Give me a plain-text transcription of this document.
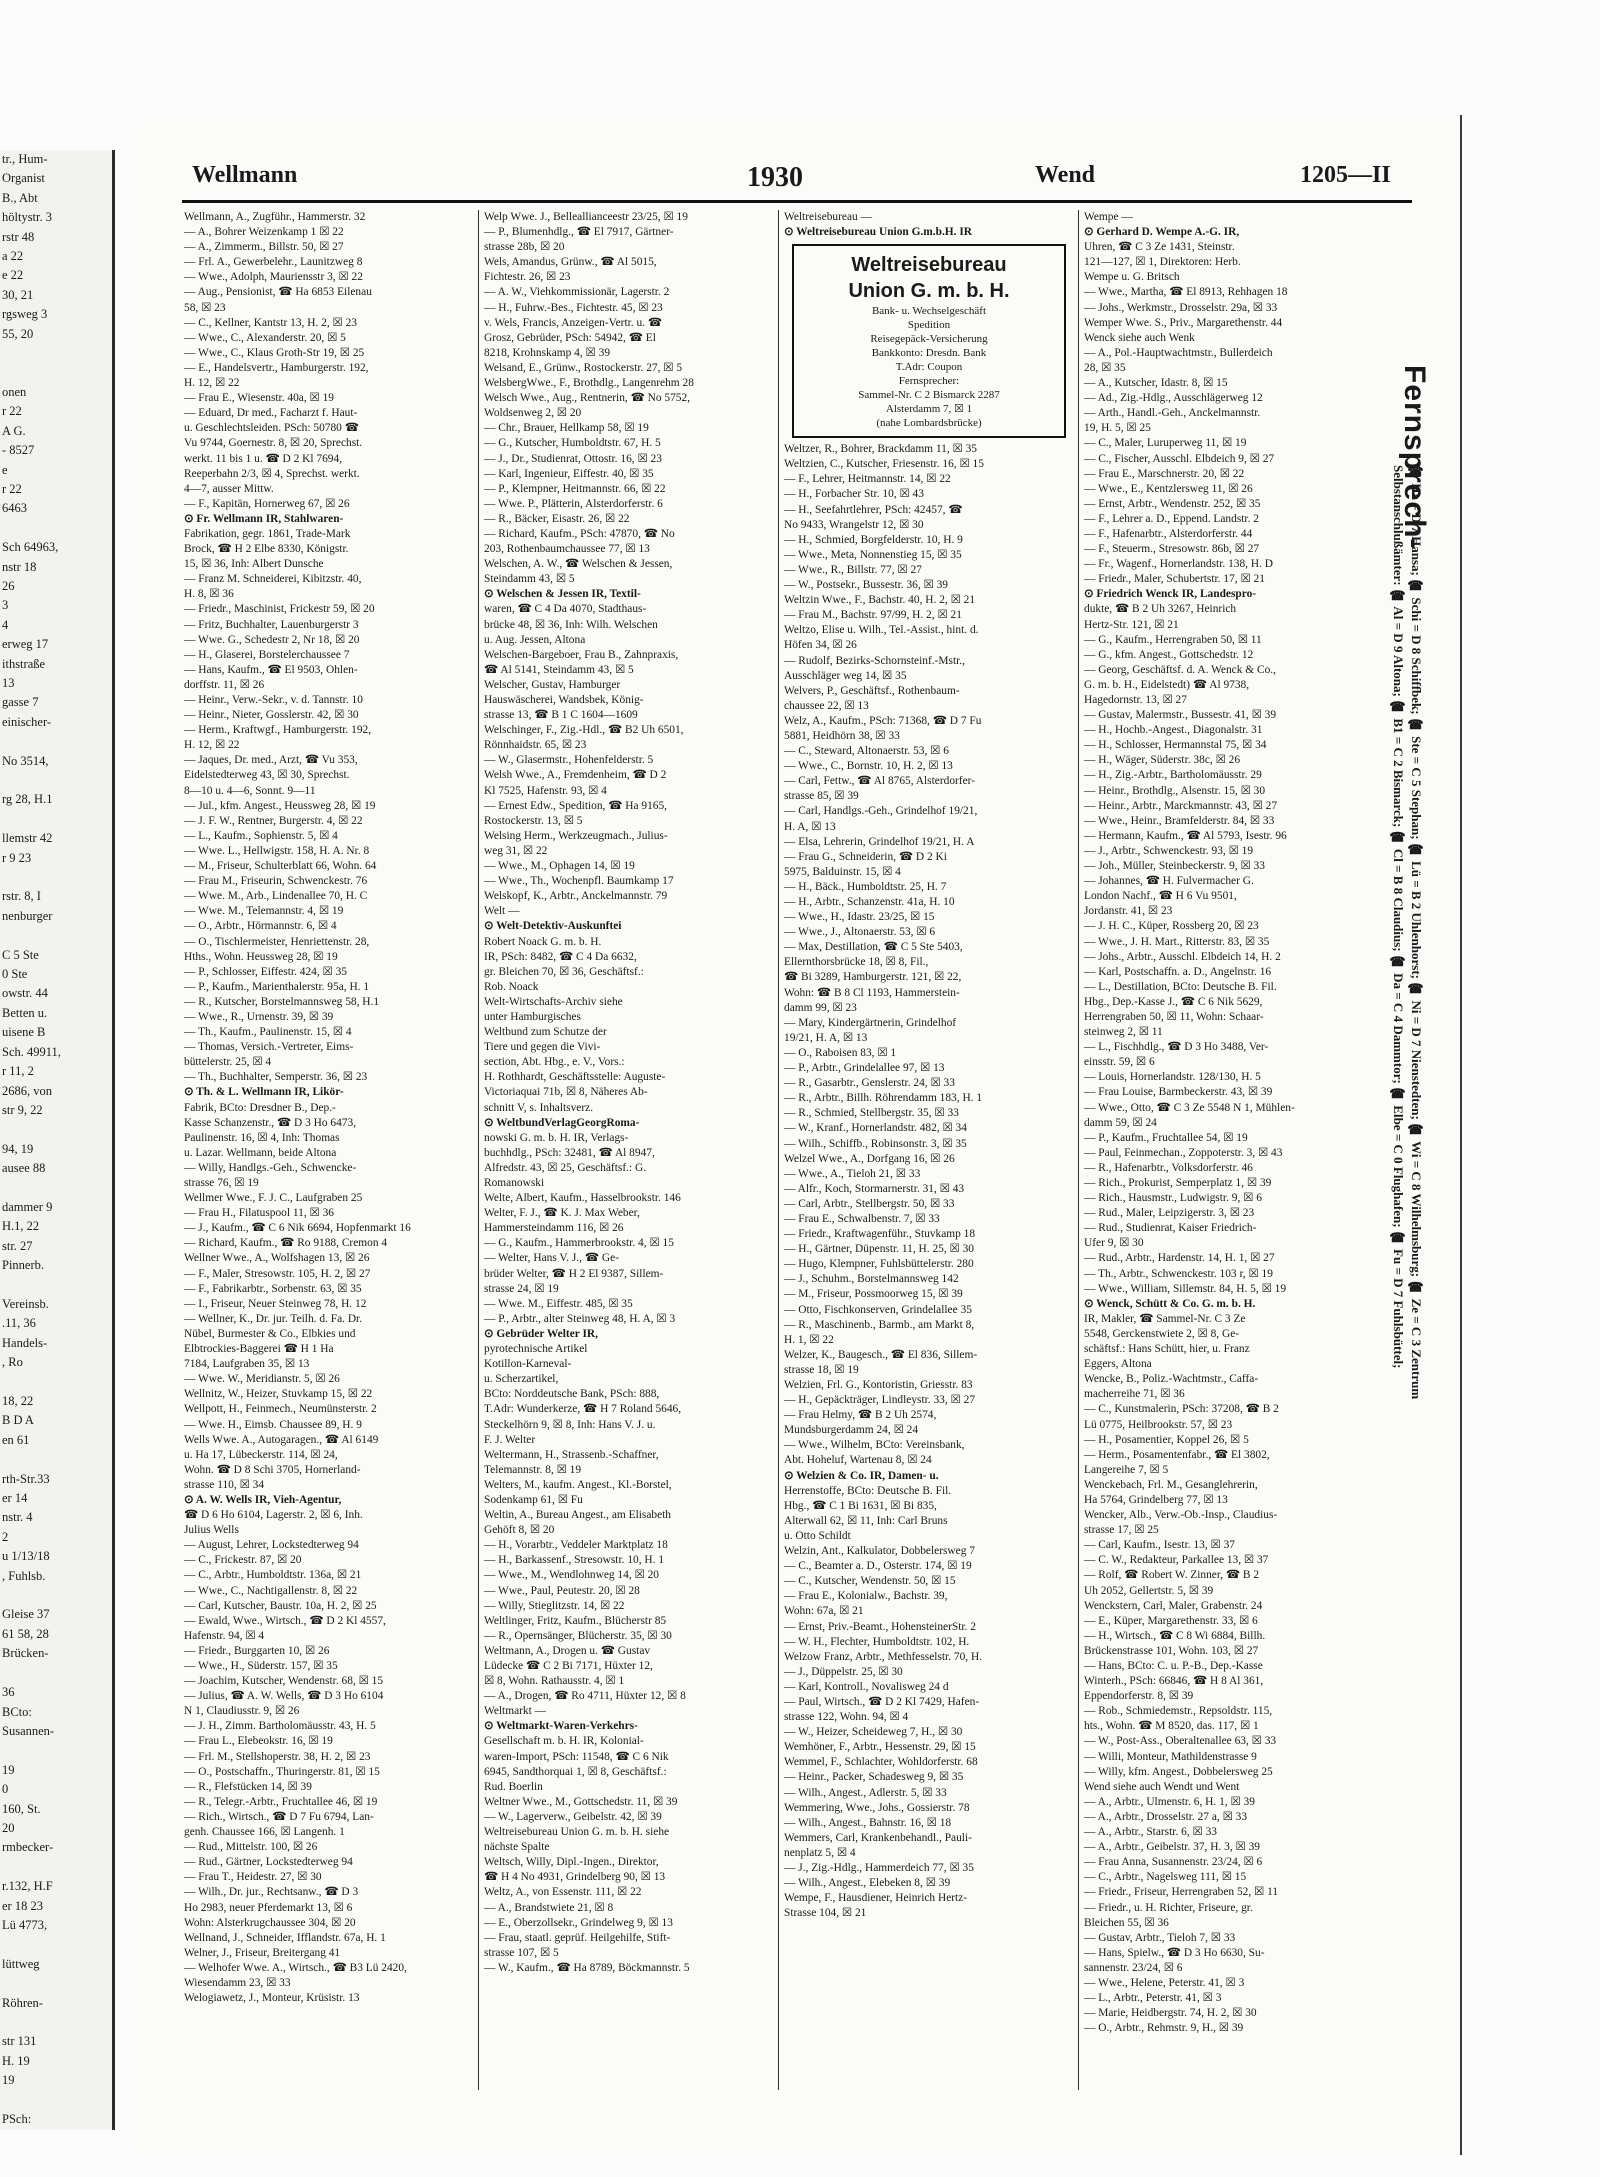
tr., Hum-
Organist
B., Abt
höltystr. 3
rstr 48
a 22
e 22
30, 21
rgsweg 3
55, 20

onen
r 22
A G.
- 8527
e
r 22
6463

Sch 64963,
nstr 18
26
3
4
erweg 17
ithstraße
13
gasse 7
einischer-

No 3514,

rg 28, H.1

llemstr 42
r 9 23

rstr. 8, I
nenburger

C 5 Ste
0 Ste
owstr. 44
Betten u.
uisene B
Sch. 49911,
r 11, 2
2686, von
str 9, 22

94, 19
ausee 88

dammer 9
H.1, 22
str. 27
Pinnerb.

Vereinsb.
.11, 36
Handels-
, Ro

18, 22
B D A
en 61

rth-Str.33
er 14
nstr. 4
2
u 1/13/18
, Fuhlsb.

Gleise 37
61 58, 28
Brücken-

36
BCto:
Susannen-

19
0
160, St.
20
rmbecker-

r.132, H.F
er 18 23
Lü 4773,

lüttweg

Röhren-

str 131
H. 19
19

PSch:
Wellmann	1930	Wend	1205—II

Wellmann, A., Zugführ., Hammerstr. 32

— A., Bohrer Weizenkamp 1 ☒ 22

— A., Zimmerm., Billstr. 50, ☒ 27

— Frl. A., Gewerbelehr., Launitzweg 8

— Wwe., Adolph, Mauriensstr 3, ☒ 22

— Aug., Pensionist, ☎ Ha 6853 Eilenau

58, ☒ 23

— C., Kellner, Kantstr 13, H. 2, ☒ 23

— Wwe., C., Alexanderstr. 20, ☒ 5

— Wwe., C., Klaus Groth-Str 19, ☒ 25

— E., Handelsvertr., Hamburgerstr. 192,

H. 12, ☒ 22

— Frau E., Wiesenstr. 40a, ☒ 19

— Eduard, Dr med., Facharzt f. Haut-

u. Geschlechtsleiden. PSch: 50780 ☎

Vu 9744, Goernestr. 8, ☒ 20, Sprechst.

werkt. 11 bis 1 u. ☎ D 2 Kl 7694,

Reeperbahn 2/3, ☒ 4, Sprechst. werkt.

4—7, ausser Mittw.

— F., Kapitän, Hornerweg 67, ☒ 26

⊙ Fr. Wellmann IR, Stahlwaren-

Fabrikation, gegr. 1861, Trade-Mark

Brock, ☎ H 2 Elbe 8330, Königstr.

15, ☒ 36, Inh: Albert Dunsche

— Franz M. Schneiderei, Kibitzstr. 40,

H. 8, ☒ 36

— Friedr., Maschinist, Frickestr 59, ☒ 20

— Fritz, Buchhalter, Lauenburgerstr 3

— Wwe. G., Schedestr 2, Nr 18, ☒ 20

— H., Glaserei, Borstelerchaussee 7

— Hans, Kaufm., ☎ El 9503, Ohlen-

dorffstr. 11, ☒ 26

— Heinr., Verw.-Sekr., v. d. Tannstr. 10

— Heinr., Nieter, Gosslerstr. 42, ☒ 30

— Herm., Kraftwgf., Hamburgerstr. 192,

H. 12, ☒ 22

— Jaques, Dr. med., Arzt, ☎ Vu 353,

Eidelstedterweg 43, ☒ 30, Sprechst.

8—10 u. 4—6, Sonnt. 9—11

— Jul., kfm. Angest., Heussweg 28, ☒ 19

— J. F. W., Rentner, Burgerstr. 4, ☒ 22

— L., Kaufm., Sophienstr. 5, ☒ 4

— Wwe. L., Hellwigstr. 158, H. A. Nr. 8

— M., Friseur, Schulterblatt 66, Wohn. 64

— Frau M., Friseurin, Schwenckestr. 76

— Wwe. M., Arb., Lindenallee 70, H. C

— Wwe. M., Telemannstr. 4, ☒ 19

— O., Arbtr., Hörmannstr. 6, ☒ 4

— O., Tischlermeister, Henriettenstr. 28,

Hths., Wohn. Heussweg 28, ☒ 19

— P., Schlosser, Eiffestr. 424, ☒ 35

— P., Kaufm., Marienthalerstr. 95a, H. 1

— R., Kutscher, Borstelmannsweg 58, H.1

— Wwe., R., Urnenstr. 39, ☒ 39

— Th., Kaufm., Paulinenstr. 15, ☒ 4

— Thomas, Versich.-Vertreter, Eims-

büttelerstr. 25, ☒ 4

— Th., Buchhalter, Semperstr. 36, ☒ 23

⊙ Th. & L. Wellmann IR, Likör-

Fabrik, BCto: Dresdner B., Dep.-

Kasse Schanzenstr., ☎ D 3 Ho 6473,

Paulinenstr. 16, ☒ 4, Inh: Thomas

u. Lazar. Wellmann, beide Altona

— Willy, Handlgs.-Geh., Schwencke-

strasse 76, ☒ 19

Wellmer Wwe., F. J. C., Laufgraben 25

— Frau H., Filatuspool 11, ☒ 36

— J., Kaufm., ☎ C 6 Nik 6694, Hopfenmarkt 16

— Richard, Kaufm., ☎ Ro 9188, Cremon 4

Wellner Wwe., A., Wolfshagen 13, ☒ 26

— F., Maler, Stresowstr. 105, H. 2, ☒ 27

— F., Fabrikarbtr., Sorbenstr. 63, ☒ 35

— I., Friseur, Neuer Steinweg 78, H. 12

— Wellner, K., Dr. jur. Teilh. d. Fa. Dr.

Nübel, Burmester & Co., Elbkies und

Elbtrockies-Baggerei ☎ H 1 Ha

7184, Laufgraben 35, ☒ 13

— Wwe. W., Meridianstr. 5, ☒ 26

Wellnitz, W., Heizer, Stuvkamp 15, ☒ 22

Wellpott, H., Feinmech., Neumünsterstr. 2

— Wwe. H., Eimsb. Chaussee 89, H. 9

Wells Wwe. A., Autogaragen., ☎ Al 6149

u. Ha 17, Lübeckerstr. 114, ☒ 24,

Wohn. ☎ D 8 Schi 3705, Hornerland-

strasse 110, ☒ 34

⊙ A. W. Wells IR, Vieh-Agentur,

☎ D 6 Ho 6104, Lagerstr. 2, ☒ 6, Inh.

Julius Wells

— August, Lehrer, Lockstedterweg 94

— C., Frickestr. 87, ☒ 20

— C., Arbtr., Humboldtstr. 136a, ☒ 21

— Wwe., C., Nachtigallenstr. 8, ☒ 22

— Carl, Kutscher, Baustr. 10a, H. 2, ☒ 25

— Ewald, Wwe., Wirtsch., ☎ D 2 Kl 4557,

Hafenstr. 94, ☒ 4

— Friedr., Burggarten 10, ☒ 26

— Wwe., H., Süderstr. 157, ☒ 35

— Joachim, Kutscher, Wendenstr. 68, ☒ 15

— Julius, ☎ A. W. Wells, ☎ D 3 Ho 6104

N 1, Claudiusstr. 9, ☒ 26

— J. H., Zimm. Bartholomäusstr. 43, H. 5

— Frau L., Elebeokstr. 16, ☒ 19

— Frl. M., Stellshoperstr. 38, H. 2, ☒ 23

— O., Postschaffn., Thuringerstr. 81, ☒ 15

— R., Flefstücken 14, ☒ 39

— R., Telegr.-Arbtr., Fruchtallee 46, ☒ 19

— Rich., Wirtsch., ☎ D 7 Fu 6794, Lan-

genh. Chaussee 166, ☒ Langenh. 1

— Rud., Mittelstr. 100, ☒ 26

— Rud., Gärtner, Lockstedterweg 94

— Frau T., Heidestr. 27, ☒ 30

— Wilh., Dr. jur., Rechtsanw., ☎ D 3

Ho 2983, neuer Pferdemarkt 13, ☒ 6

Wohn: Alsterkrugchaussee 304, ☒ 20

Wellnand, J., Schneider, Ifflandstr. 67a, H. 1

Welner, J., Friseur, Breitergang 41

— Welhofer Wwe. A., Wirtsch., ☎ B3 Lü 2420,

Wiesendamm 23, ☒ 33

Welogiawetz, J., Monteur, Krüsistr. 13

Welp Wwe. J., Belleallianceestr 23/25, ☒ 19

— P., Blumenhdlg., ☎ El 7917, Gärtner-

strasse 28b, ☒ 20

Wels, Amandus, Grünw., ☎ Al 5015,

Fichtestr. 26, ☒ 23

— A. W., Viehkommissionär, Lagerstr. 2

— H., Fuhrw.-Bes., Fichtestr. 45, ☒ 23

v. Wels, Francis, Anzeigen-Vertr. u. ☎

Grosz, Gebrüder, PSch: 54942, ☎ El

8218, Krohnskamp 4, ☒ 39

Welsand, E., Grünw., Rostockerstr. 27, ☒ 5

WelsbergWwe., F., Brothdlg., Langenrehm 28

Welsch Wwe., Aug., Rentnerin, ☎ No 5752,

Woldsenweg 2, ☒ 20

— Chr., Brauer, Hellkamp 58, ☒ 19

— G., Kutscher, Humboldtstr. 67, H. 5

— J., Dr., Studienrat, Ottostr. 16, ☒ 23

— Karl, Ingenieur, Eiffestr. 40, ☒ 35

— P., Klempner, Heitmannstr. 66, ☒ 22

— Wwe. P., Plätterin, Alsterdorferstr. 6

— R., Bäcker, Eisastr. 26, ☒ 22

— Richard, Kaufm., PSch: 47870, ☎ No

203, Rothenbaumchaussee 77, ☒ 13

Welschen, A. W., ☎ Welschen & Jessen,

Steindamm 43, ☒ 5

⊙ Welschen & Jessen IR, Textil-

waren, ☎ C 4 Da 4070, Stadthaus-

brücke 48, ☒ 36, Inh: Wilh. Welschen

u. Aug. Jessen, Altona

Welschen-Bargeboer, Frau B., Zahnpraxis,

☎ Al 5141, Steindamm 43, ☒ 5

Welscher, Gustav, Hamburger

Hauswäscherei, Wandsbek, König-

strasse 13, ☎ B 1 C 1604—1609

Welschinger, F., Zig.-Hdl., ☎ B2 Uh 6501,

Rönnhaidstr. 65, ☒ 23

— W., Glasermstr., Hohenfelderstr. 5

Welsh Wwe., A., Fremdenheim, ☎ D 2

Kl 7525, Hafenstr. 93, ☒ 4

— Ernest Edw., Spedition, ☎ Ha 9165,

Rostockerstr. 13, ☒ 5

Welsing Herm., Werkzeugmach., Julius-

weg 31, ☒ 22

— Wwe., M., Ophagen 14, ☒ 19

— Wwe., Th., Wochenpfl. Baumkamp 17

Welskopf, K., Arbtr., Anckelmannstr. 79

Welt —

⊙ Welt-Detektiv-Auskunftei

Robert Noack G. m. b. H.

IR, PSch: 8482, ☎ C 4 Da 6632,

gr. Bleichen 70, ☒ 36, Geschäftsf.:

Rob. Noack

Welt-Wirtschafts-Archiv siehe

unter Hamburgisches

Weltbund zum Schutze der

Tiere und gegen die Vivi-

section, Abt. Hbg., e. V., Vors.:

H. Rothhardt, Geschäftsstelle: Auguste-

Victoriaquai 71b, ☒ 8, Näheres Ab-

schnitt V, s. Inhaltsverz.

⊙ WeltbundVerlagGeorgRoma-

nowski G. m. b. H. IR, Verlags-

buchhdlg., PSch: 32481, ☎ Al 8947,

Alfredstr. 43, ☒ 25, Geschäftsf.: G.

Romanowski

Welte, Albert, Kaufm., Hasselbrookstr. 146

Welter, F. J., ☎ K. J. Max Weber,

Hammersteindamm 116, ☒ 26

— G., Kaufm., Hammerbrookstr. 4, ☒ 15

— Welter, Hans V. J., ☎ Ge-

brüder Welter, ☎ H 2 El 9387, Sillem-

strasse 24, ☒ 19

— Wwe. M., Eiffestr. 485, ☒ 35

— P., Arbtr., alter Steinweg 48, H. A, ☒ 3

⊙ Gebrüder Welter IR,

pyrotechnische Artikel

Kotillon-Karneval-

u. Scherzartikel,

BCto: Norddeutsche Bank, PSch: 888,

T.Adr: Wunderkerze, ☎ H 7 Roland 5646,

Steckelhörn 9, ☒ 8, Inh: Hans V. J. u.

F. J. Welter

Weltermann, H., Strassenb.-Schaffner,

Telemannstr. 8, ☒ 19

Welters, M., kaufm. Angest., Kl.-Borstel,

Sodenkamp 61, ☒ Fu

Weltin, A., Bureau Angest., am Elisabeth

Gehöft 8, ☒ 20

— H., Vorarbtr., Veddeler Marktplatz 18

— H., Barkassenf., Stresowstr. 10, H. 1

— Wwe., M., Wendlohnweg 14, ☒ 20

— Wwe., Paul, Peutestr. 20, ☒ 28

— Willy, Stieglitzstr. 14, ☒ 22

Weltlinger, Fritz, Kaufm., Blücherstr 85

— R., Opernsänger, Blücherstr. 35, ☒ 30

Weltmann, A., Drogen u. ☎ Gustav

Lüdecke ☎ C 2 Bi 7171, Hüxter 12,

☒ 8, Wohn. Rathausstr. 4, ☒ 1

— A., Drogen, ☎ Ro 4711, Hüxter 12, ☒ 8

Weltmarkt —

⊙ Weltmarkt-Waren-Verkehrs-

Gesellschaft m. b. H. IR, Kolonial-

waren-Import, PSch: 11548, ☎ C 6 Nik

6945, Sandthorquai 1, ☒ 8, Geschäftsf.:

Rud. Boerlin

Weltner Wwe., M., Gottschedstr. 11, ☒ 39

— W., Lagerverw., Geibelstr. 42, ☒ 39

Weltreisebureau Union G. m. b. H. siehe

nächste Spalte

Weltsch, Willy, Dipl.-Ingen., Direktor,

☎ H 4 No 4931, Grindelberg 90, ☒ 13

Weltz, A., von Essenstr. 111, ☒ 22

— A., Brandstwiete 21, ☒ 8

— E., Oberzollsekr., Grindelweg 9, ☒ 13

— Frau, staatl. geprüf. Heilgehilfe, Stift-

strasse 107, ☒ 5

— W., Kaufm., ☎ Ha 8789, Böckmannstr. 5

Weltreisebureau —

⊙ Weltreisebureau Union G.m.b.H. IR

Weltreisebureau
Union G. m. b. H.
Bank- u. Wechselgeschäft
Spedition
Reisegepäck-Versicherung
Bankkonto: Dresdn. Bank
T.Adr: Coupon
Fernsprecher:
Sammel-Nr. C 2 Bismarck 2287
Alsterdamm 7, ☒ 1
(nahe Lombardsbrücke)

Weltzer, R., Bohrer, Brackdamm 11, ☒ 35

Weltzien, C., Kutscher, Friesenstr. 16, ☒ 15

— F., Lehrer, Heitmannstr. 14, ☒ 22

— H., Forbacher Str. 10, ☒ 43

— H., Seefahrtlehrer, PSch: 42457, ☎

No 9433, Wrangelstr 12, ☒ 30

— H., Schmied, Borgfelderstr. 10, H. 9

— Wwe., Meta, Nonnenstieg 15, ☒ 35

— Wwe., R., Billstr. 77, ☒ 27

— W., Postsekr., Bussestr. 36, ☒ 39

Weltzin Wwe., F., Bachstr. 40, H. 2, ☒ 21

— Frau M., Bachstr. 97/99, H. 2, ☒ 21

Weltzo, Elise u. Wilh., Tel.-Assist., hint. d.

Höfen 34, ☒ 26

— Rudolf, Bezirks-Schornsteinf.-Mstr.,

Ausschläger weg 14, ☒ 35

Welvers, P., Geschäftsf., Rothenbaum-

chaussee 22, ☒ 13

Welz, A., Kaufm., PSch: 71368, ☎ D 7 Fu

5881, Heidhörn 38, ☒ 33

— C., Steward, Altonaerstr. 53, ☒ 6

— Wwe., C., Bornstr. 10, H. 2, ☒ 13

— Carl, Fettw., ☎ Al 8765, Alsterdorfer-

strasse 85, ☒ 39

— Carl, Handlgs.-Geh., Grindelhof 19/21,

H. A, ☒ 13

— Elsa, Lehrerin, Grindelhof 19/21, H. A

— Frau G., Schneiderin, ☎ D 2 Ki

5975, Balduinstr. 15, ☒ 4

— H., Bäck., Humboldtstr. 25, H. 7

— H., Arbtr., Schanzenstr. 41a, H. 10

— Wwe., H., Idastr. 23/25, ☒ 15

— Wwe., J., Altonaerstr. 53, ☒ 6

— Max, Destillation, ☎ C 5 Ste 5403,

Ellernthorsbrücke 18, ☒ 8, Fil.,

☎ Bi 3289, Hamburgerstr. 121, ☒ 22,

Wohn: ☎ B 8 Cl 1193, Hammerstein-

damm 99, ☒ 23

— Mary, Kindergärtnerin, Grindelhof

19/21, H. A, ☒ 13

— O., Raboisen 83, ☒ 1

— P., Arbtr., Grindelallee 97, ☒ 13

— R., Gasarbtr., Genslerstr. 24, ☒ 33

— R., Arbtr., Billh. Röhrendamm 183, H. 1

— R., Schmied, Stellbergstr. 35, ☒ 33

— W., Kranf., Hornerlandstr. 482, ☒ 34

— Wilh., Schiffb., Robinsonstr. 3, ☒ 35

Welzel Wwe., A., Dorfgang 16, ☒ 26

— Wwe., A., Tieloh 21, ☒ 33

— Alfr., Koch, Stormarnerstr. 31, ☒ 43

— Carl, Arbtr., Stellbergstr. 50, ☒ 33

— Frau E., Schwalbenstr. 7, ☒ 33

— Friedr., Kraftwagenführ., Stuvkamp 18

— H., Gärtner, Düpenstr. 11, H. 25, ☒ 30

— Hugo, Klempner, Fuhlsbüttelerstr. 280

— J., Schuhm., Borstelmannsweg 142

— M., Friseur, Possmoorweg 15, ☒ 39

— Otto, Fischkonserven, Grindelallee 35

— R., Maschinenb., Barmb., am Markt 8,

H. 1, ☒ 22

Welzer, K., Baugesch., ☎ El 836, Sillem-

strasse 18, ☒ 19

Welzien, Frl. G., Kontoristin, Griesstr. 83

— H., Gepäckträger, Lindleystr. 33, ☒ 27

— Frau Helmy, ☎ B 2 Uh 2574,

Mundsburgerdamm 24, ☒ 24

— Wwe., Wilhelm, BCto: Vereinsbank,

Abt. Hoheluf, Wartenau 8, ☒ 24

⊙ Welzien & Co. IR, Damen- u.

Herrenstoffe, BCto: Deutsche B. Fil.

Hbg., ☎ C 1 Bi 1631, ☒ Bi 835,

Alterwall 62, ☒ 11, Inh: Carl Bruns

u. Otto Schildt

Welzin, Ant., Kalkulator, Dobbelersweg 7

— C., Beamter a. D., Osterstr. 174, ☒ 19

— C., Kutscher, Wendenstr. 50, ☒ 15

— Frau E., Kolonialw., Bachstr. 39,

Wohn: 67a, ☒ 21

— Ernst, Priv.-Beamt., HohensteinerStr. 2

— W. H., Flechter, Humboldtstr. 102, H.

Welzow Franz, Arbtr., Methfesselstr. 70, H.

— J., Düppelstr. 25, ☒ 30

— Karl, Kontroll., Novalisweg 24 d

— Paul, Wirtsch., ☎ D 2 Kl 7429, Hafen-

strasse 122, Wohn. 94, ☒ 4

— W., Heizer, Scheideweg 7, H., ☒ 30

Wemhöner, F., Arbtr., Hessenstr. 29, ☒ 15

Wemmel, F., Schlachter, Wohldorferstr. 68

— Heinr., Packer, Schadesweg 9, ☒ 35

— Wilh., Angest., Adlerstr. 5, ☒ 33

Wemmering, Wwe., Johs., Gossierstr. 78

— Wilh., Angest., Bahnstr. 16, ☒ 18

Wemmers, Carl, Krankenbehandl., Pauli-

nenplatz 5, ☒ 4

— J., Zig.-Hdlg., Hammerdeich 77, ☒ 35

— Wilh., Angest., Elebeken 8, ☒ 39

Wempe, F., Hausdiener, Heinrich Hertz-

Strasse 104, ☒ 21

Wempe —

⊙ Gerhard D. Wempe A.-G. IR,

Uhren, ☎ C 3 Ze 1431, Steinstr.

121—127, ☒ 1, Direktoren: Herb.

Wempe u. G. Britsch

— Wwe., Martha, ☎ El 8913, Rehhagen 18

— Johs., Werkmstr., Drosselstr. 29a, ☒ 33

Wemper Wwe. S., Priv., Margarethenstr. 44

Wenck siehe auch Wenk

— A., Pol.-Hauptwachtmstr., Bullerdeich

28, ☒ 35

— A., Kutscher, Idastr. 8, ☒ 15

— Ad., Zig.-Hdlg., Ausschlägerweg 12

— Arth., Handl.-Geh., Anckelmannstr.

19, H. 5, ☒ 25

— C., Maler, Luruperweg 11, ☒ 19

— C., Fischer, Ausschl. Elbdeich 9, ☒ 27

— Frau E., Marschnerstr. 20, ☒ 22

— Wwe., E., Kentzlersweg 11, ☒ 26

— Ernst, Arbtr., Wendenstr. 252, ☒ 35

— F., Lehrer a. D., Eppend. Landstr. 2

— F., Hafenarbtr., Alsterdorferstr. 44

— F., Steuerm., Stresowstr. 86b, ☒ 27

— Fr., Wagenf., Hornerlandstr. 138, H. D

— Friedr., Maler, Schubertstr. 17, ☒ 21

⊙ Friedrich Wenck IR, Landespro-

dukte, ☎ B 2 Uh 3267, Heinrich

Hertz-Str. 121, ☒ 21

— G., Kaufm., Herrengraben 50, ☒ 11

— G., kfm. Angest., Gottschedstr. 12

— Georg, Geschäftsf. d. A. Wenck & Co.,

G. m. b. H., Eidelstedt) ☎ Al 9738,

Hagedornstr. 13, ☒ 27

— Gustav, Malermstr., Bussestr. 41, ☒ 39

— H., Hochb.-Angest., Diagonalstr. 31

— H., Schlosser, Hermannstal 75, ☒ 34

— H., Wäger, Süderstr. 38c, ☒ 26

— H., Zig.-Arbtr., Bartholomäusstr. 29

— Heinr., Brothdlg., Alsenstr. 15, ☒ 30

— Heinr., Arbtr., Marckmannstr. 43, ☒ 27

— Wwe., Heinr., Bramfelderstr. 84, ☒ 33

— Hermann, Kaufm., ☎ Al 5793, Isestr. 96

— J., Arbtr., Schwenckestr. 93, ☒ 19

— Joh., Müller, Steinbeckerstr. 9, ☒ 33

— Johannes, ☎ H. Fulvermacher G.

London Nachf., ☎ H 6 Vu 9501,

Jordanstr. 41, ☒ 23

— J. H. C., Küper, Rossberg 20, ☒ 23

— Wwe., J. H. Mart., Ritterstr. 83, ☒ 35

— Johs., Arbtr., Ausschl. Elbdeich 14, H. 2

— Karl, Postschaffn. a. D., Angelnstr. 16

— L., Destillation, BCto: Deutsche B. Fil.

Hbg., Dep.-Kasse J., ☎ C 6 Nik 5629,

Herrengraben 50, ☒ 11, Wohn: Schaar-

steinweg 2, ☒ 11

— L., Fischhdlg., ☎ D 3 Ho 3488, Ver-

einsstr. 59, ☒ 6

— Louis, Hornerlandstr. 128/130, H. 5

— Frau Louise, Barmbeckerstr. 43, ☒ 39

— Wwe., Otto, ☎ C 3 Ze 5548 N 1, Mühlen-

damm 59, ☒ 24

— P., Kaufm., Fruchtallee 54, ☒ 19

— Paul, Feinmechan., Zoppoterstr. 3, ☒ 43

— R., Hafenarbtr., Volksdorferstr. 46

— Rich., Prokurist, Semperplatz 1, ☒ 39

— Rich., Hausmstr., Ludwigstr. 9, ☒ 6

— Rud., Maler, Leipzigerstr. 3, ☒ 23

— Rud., Studienrat, Kaiser Friedrich-

Ufer 9, ☒ 30

— Rud., Arbtr., Hardenstr. 14, H. 1, ☒ 27

— Th., Arbtr., Schwenckestr. 103 r, ☒ 19

— Wwe., William, Sillemstr. 84, H. 5, ☒ 19

⊙ Wenck, Schütt & Co. G. m. b. H.

IR, Makler, ☎ Sammel-Nr. C 3 Ze

5548, Gerckenstwiete 2, ☒ 8, Ge-

schäftsf.: Hans Schütt, hier, u. Franz

Eggers, Altona

Wencke, B., Poliz.-Wachtmstr., Caffa-

macherreihe 71, ☒ 36

— C., Kunstmalerin, PSch: 37208, ☎ B 2

Lü 0775, Heilbrookstr. 57, ☒ 23

— H., Posamentier, Koppel 26, ☒ 5

— Herm., Posamentenfabr., ☎ El 3802,

Langereihe 7, ☒ 5

Wenckebach, Frl. M., Gesanglehrerin,

Ha 5764, Grindelberg 77, ☒ 13

Wencker, Alb., Verw.-Ob.-Insp., Claudius-

strasse 17, ☒ 25

— Carl, Kaufm., Isestr. 13, ☒ 37

— C. W., Redakteur, Parkallee 13, ☒ 37

— Rolf, ☎ Robert W. Zinner, ☎ B 2

Uh 2052, Gellertstr. 5, ☒ 39

Wenckstern, Carl, Maler, Grabenstr. 24

— E., Küper, Margarethenstr. 33, ☒ 6

— H., Wirtsch., ☎ C 8 Wi 6884, Billh.

Brückenstrasse 101, Wohn. 103, ☒ 27

— Hans, BCto: C. u. P.-B., Dep.-Kasse

Winterh., PSch: 66846, ☎ H 8 Al 361,

Eppendorferstr. 8, ☒ 39

— Rob., Schmiedemstr., Repsoldstr. 115,

hts., Wohn. ☎ M 8520, das. 117, ☒ 1

— W., Post-Ass., Oberaltenallee 63, ☒ 33

— Willi, Monteur, Mathildenstrasse 9

— Willy, kfm. Angest., Dobbelersweg 25

Wend siehe auch Wendt und Went

— A., Arbtr., Ulmenstr. 6, H. 1, ☒ 39

— A., Arbtr., Drosselstr. 27 a, ☒ 33

— A., Arbtr., Starstr. 6, ☒ 33

— A., Arbtr., Geibelstr. 37, H. 3, ☒ 39

— Frau Anna, Susannenstr. 23/24, ☒ 6

— C., Arbtr., Nagelsweg 111, ☒ 15

— Friedr., Friseur, Herrengraben 52, ☒ 11

— Friedr., u. H. Richter, Friseure, gr.

Bleichen 55, ☒ 36

— Gustav, Arbtr., Tieloh 7, ☒ 33

— Hans, Spielw., ☎ D 3 Ho 6630, Su-

sannenstr. 23/24, ☒ 6

— Wwe., Helene, Peterstr. 41, ☒ 3

— L., Arbtr., Peterstr. 41, ☒ 3

— Marie, Heidbergstr. 74, H. 2, ☒ 30

— O., Arbtr., Rehmstr. 9, H., ☒ 39

Fernsprech-
Selbstanschlußämter: ☎ Al = D 9 Altona; ☎ B1 = C 2 Bismarck; ☎ Cl = B 8 Claudius; ☎ Da = C 4 Dammtor; ☎ Elbe = C 0 Flughafen; ☎ Fu = D 7 Fuhlsbüttel; ☎ Ha = D 7 Hansa; ☎ Schi = D 8 Schiffbek; ☎ Ste = C 5 Stephan; ☎ Lü = B 2 Uhlenhorst; ☎ Ni = D 7 Nienstedten; ☎ Wi = C 8 Wilhelmsburg; ☎ Ze = C 3 Zentrum
